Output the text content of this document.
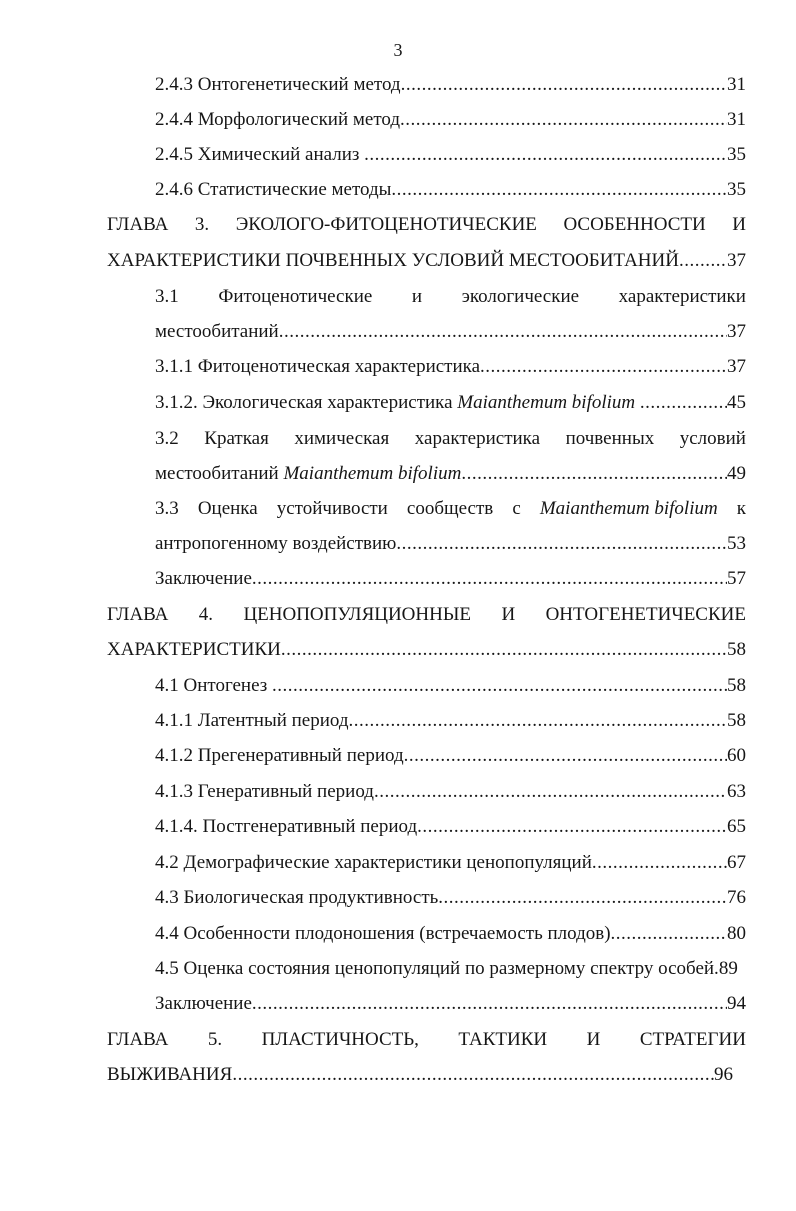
3
2.4.3 Онтогенетический метод .....	31
2.4.4 Морфологический метод .....	31
2.4.5 Химический анализ .....	35
2.4.6 Статистические методы .....	35
ГЛАВА 3. ЭКОЛОГО-ФИТОЦЕНОТИЧЕСКИЕ ОСОБЕННОСТИ И
ХАРАКТЕРИСТИКИ ПОЧВЕННЫХ УСЛОВИЙ МЕСТООБИТАНИЙ .....	37
3.1 Фитоценотические и экологические характеристики
местообитаний .....	37
3.1.1 Фитоценотическая характеристика .....	37
3.1.2. Экологическая характеристика Maianthemum bifolium
.....	45
3.2 Краткая химическая характеристика почвенных условий
местообитаний Maianthemum bifolium .....	49
3.3 Оценка устойчивости сообществ с Maianthemum bifolium к
антропогенному воздействию .....	53
Заключение .....	57
ГЛАВА 4. ЦЕНОПОПУЛЯЦИОННЫЕ И ОНТОГЕНЕТИЧЕСКИЕ
ХАРАКТЕРИСТИКИ .....	58
4.1 Онтогенез .....	58
4.1.1 Латентный период .....	58
4.1.2 Прегенеративный период .....	60
4.1.3 Генеративный период .....	63
4.1.4. Постгенеративный период .....	65
4.2 Демографические характеристики ценопопуляций .....	67
4.3 Биологическая продуктивность .....	76
4.4 Особенности плодоношения (встречаемость плодов) .....	80
4.5 Оценка состояния ценопопуляций по размерному спектру особей. 89
Заключение .....	94
ГЛАВА 5. ПЛАСТИЧНОСТЬ, ТАКТИКИ И СТРАТЕГИИ
ВЫЖИВАНИЯ .....	96
